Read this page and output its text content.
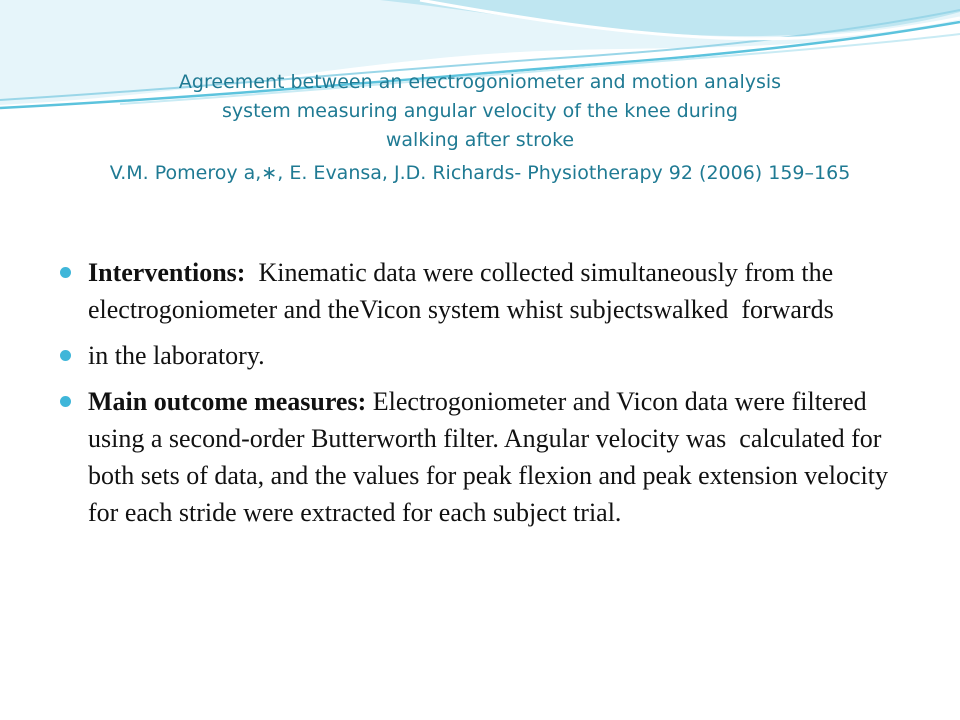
Agreement between an electrogoniometer and motion analysis
system measuring angular velocity of the knee during
walking after stroke
V.M. Pomeroy a,∗, E. Evansa, J.D. Richards- Physiotherapy 92 (2006) 159–165
Interventions:  Kinematic data were collected simultaneously from the electrogoniometer and theVicon system whist subjectswalked  forwards
in the laboratory.
Main outcome measures: Electrogoniometer and Vicon data were filtered using a second-order Butterworth filter. Angular velocity was  calculated for both sets of data, and the values for peak flexion and peak extension velocity for each stride were extracted for each subject trial.
